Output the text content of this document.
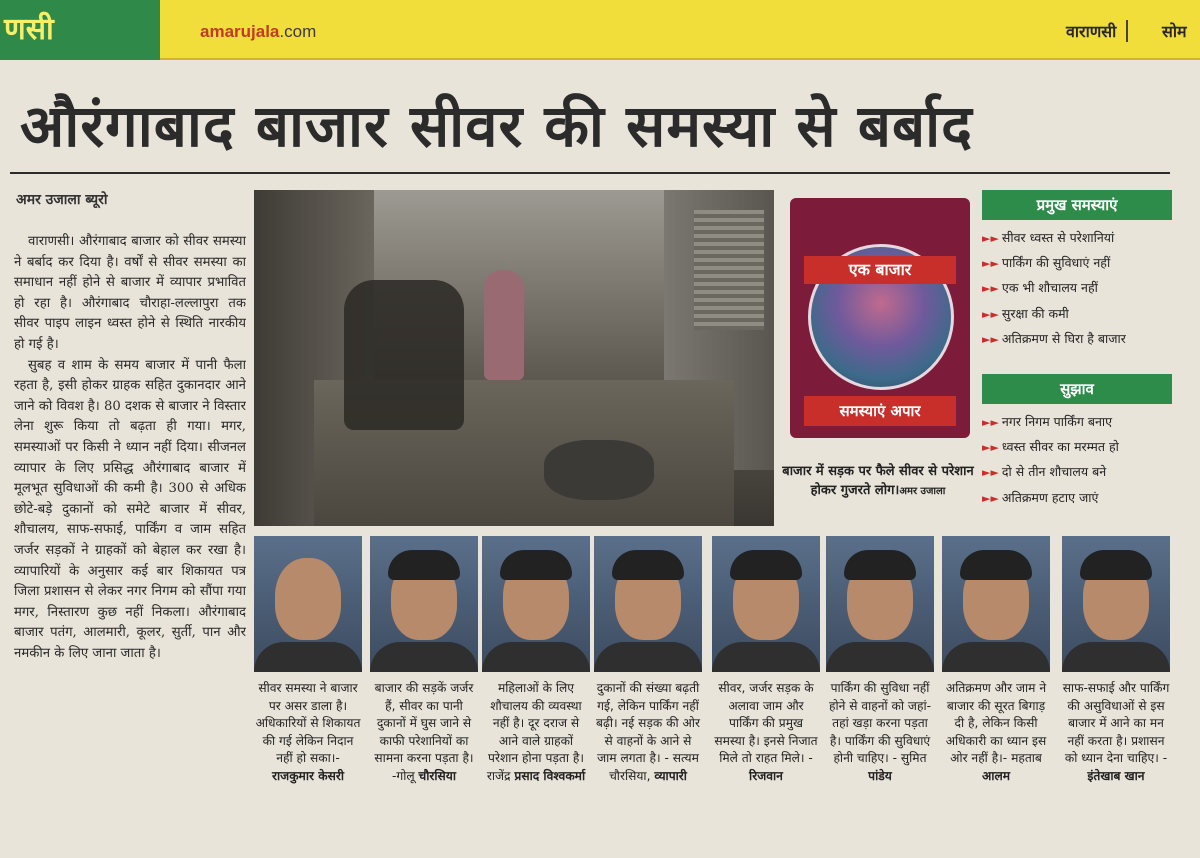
णसी	amarujala.com	वाराणसी	सोम
औरंगाबाद बाजार सीवर की समस्या से बर्बाद
अमर उजाला ब्यूरो

वाराणसी। औरंगाबाद बाजार को सीवर समस्या ने बर्बाद कर दिया है। वर्षों से सीवर समस्या का समाधान नहीं होने से बाजार में व्यापार प्रभावित हो रहा है। औरंगाबाद चौराहा-लल्लापुरा तक सीवर पाइप लाइन ध्वस्त होने से स्थिति नारकीय हो गई है।

सुबह व शाम के समय बाजार में पानी फैला रहता है, इसी होकर ग्राहक सहित दुकानदार आने जाने को विवश है। 80 दशक से बाजार ने विस्तार लेना शुरू किया तो बढ़ता ही गया। मगर, समस्याओं पर किसी ने ध्यान नहीं दिया। सीजनल व्यापार के लिए प्रसिद्ध औरंगाबाद बाजार में मूलभूत सुविधाओं की कमी है। 300 से अधिक छोटे-बड़े दुकानों को समेटे बाजार में सीवर, शौचालय, साफ-सफाई, पार्किंग व जाम सहित जर्जर सड़कों ने ग्राहकों को बेहाल कर रखा है। व्यापारियों के अनुसार कई बार शिकायत पत्र जिला प्रशासन से लेकर नगर निगम को सौंपा गया मगर, निस्तारण कुछ नहीं निकला। औरंगाबाद बाजार पतंग, आलमारी, कूलर, सुर्ती, पान और नमकीन के लिए जाना जाता है।

एक बाजार
समस्याएं अपार
बाजार में सड़क पर फैले सीवर से परेशान होकर गुजरते लोग।अमर उजाला
प्रमुख समस्याएं
►► सीवर ध्वस्त से परेशानियां
►► पार्किंग की सुविधाएं नहीं
►► एक भी शौचालय नहीं
►► सुरक्षा की कमी
►► अतिक्रमण से घिरा है बाजार
सुझाव
►► नगर निगम पार्किंग बनाए
►► ध्वस्त सीवर का मरम्मत हो
►► दो से तीन शौचालय बने
►► अतिक्रमण हटाए जाएं
सीवर समस्या ने बाजार पर असर डाला है। अधिकारियों से शिकायत की गई लेकिन निदान नहीं हो सका।- राजकुमार केसरी
बाजार की सड़कें जर्जर हैं, सीवर का पानी दुकानों में घुस जाने से काफी परेशानियों का सामना करना पड़ता है। -गोलू चौरसिया
महिलाओं के लिए शौचालय की व्यवस्था नहीं है। दूर दराज से आने वाले ग्राहकों परेशान होना पड़ता है। राजेंद्र प्रसाद विश्वकर्मा
दुकानों की संख्या बढ़ती गई, लेकिन पार्किंग नहीं बढ़ी। नई सड़क की ओर से वाहनों के आने से जाम लगता है। - सत्यम चौरसिया, व्यापारी
सीवर, जर्जर सड़क के अलावा जाम और पार्किंग की प्रमुख समस्या है। इनसे निजात मिले तो राहत मिले। - रिजवान
पार्किंग की सुविधा नहीं होने से वाहनों को जहां-तहां खड़ा करना पड़ता है। पार्किंग की सुविधाएं होनी चाहिए। - सुमित पांडेय
अतिक्रमण और जाम ने बाजार की सूरत बिगाड़ दी है, लेकिन किसी अधिकारी का ध्यान इस ओर नहीं है।- महताब आलम
साफ-सफाई और पार्किंग की असुविधाओं से इस बाजार में आने का मन नहीं करता है। प्रशासन को ध्यान देना चाहिए। - इंतेखाब खान
